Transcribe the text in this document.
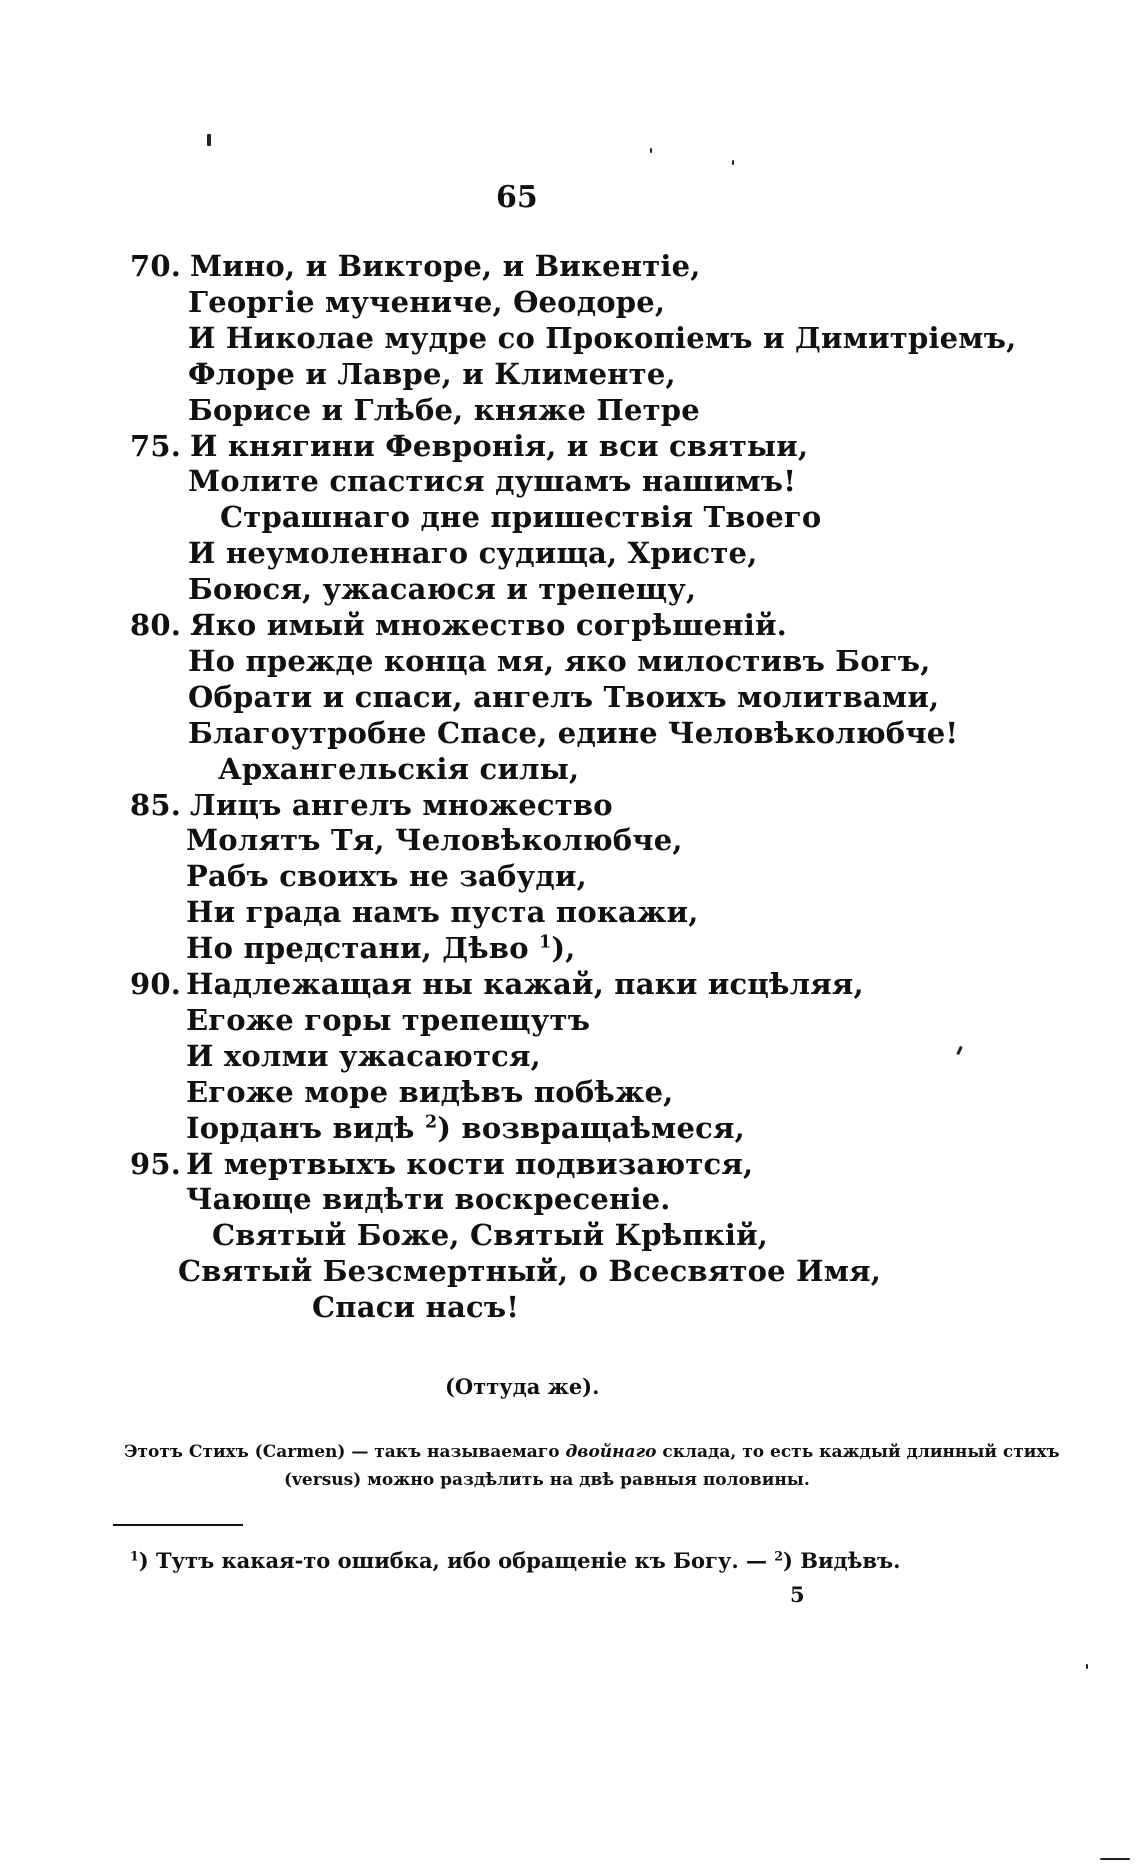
65
70. Мино, и Викторе, и Викентіе,
Георгіе мучениче, Ѳеодоре,
И Николае мудре со Прокопіемъ и Димитріемъ,
Флоре и Лавре, и Клименте,
Борисе и Глѣбе, княже Петре
75. И княгини Февронія, и вси святыи,
Молите спастися душамъ нашимъ!
Страшнаго дне пришествія Твоего
И неумоленнаго судища, Христе,
Боюся, ужасаюся и трепещу,
80. Яко имый множество согрѣшеній.
Но прежде конца мя, яко милостивъ Богъ,
Обрати и спаси, ангелъ Твоихъ молитвами,
Благоутробне Спасе, едине Человѣколюбче!
Архангельскія силы,
85. Лицъ ангелъ множество
Молятъ Тя, Человѣколюбче,
Рабъ своихъ не забуди,
Ни града намъ пуста покажи,
Но предстани, Дѣво $^1$),
90. Надлежащая ны кажай, паки исцѣляя,
Егоже горы трепещутъ
И холми ужасаются,
Егоже море видѣвъ побѣже,
Іорданъ видѣ $^2$) возвращаѣмеся,
95. И мертвыхъ кости подвизаются,
Чающе видѣти воскресеніе.
Святый Боже, Святый Крѣпкій,
Святый Безсмертный, о Всесвятое Имя,
Спаси насъ!
(Оттуда же).
Этотъ Стихъ (Carmen) — такъ называемаго двойнаго склада, то есть каждый длинный стихъ
(versus) можно раздѣлить на двѣ равныя половины.
$^1$) Тутъ какая-то ошибка, ибо обращеніе къ Богу. — $^2$) Видѣвъ.
5
